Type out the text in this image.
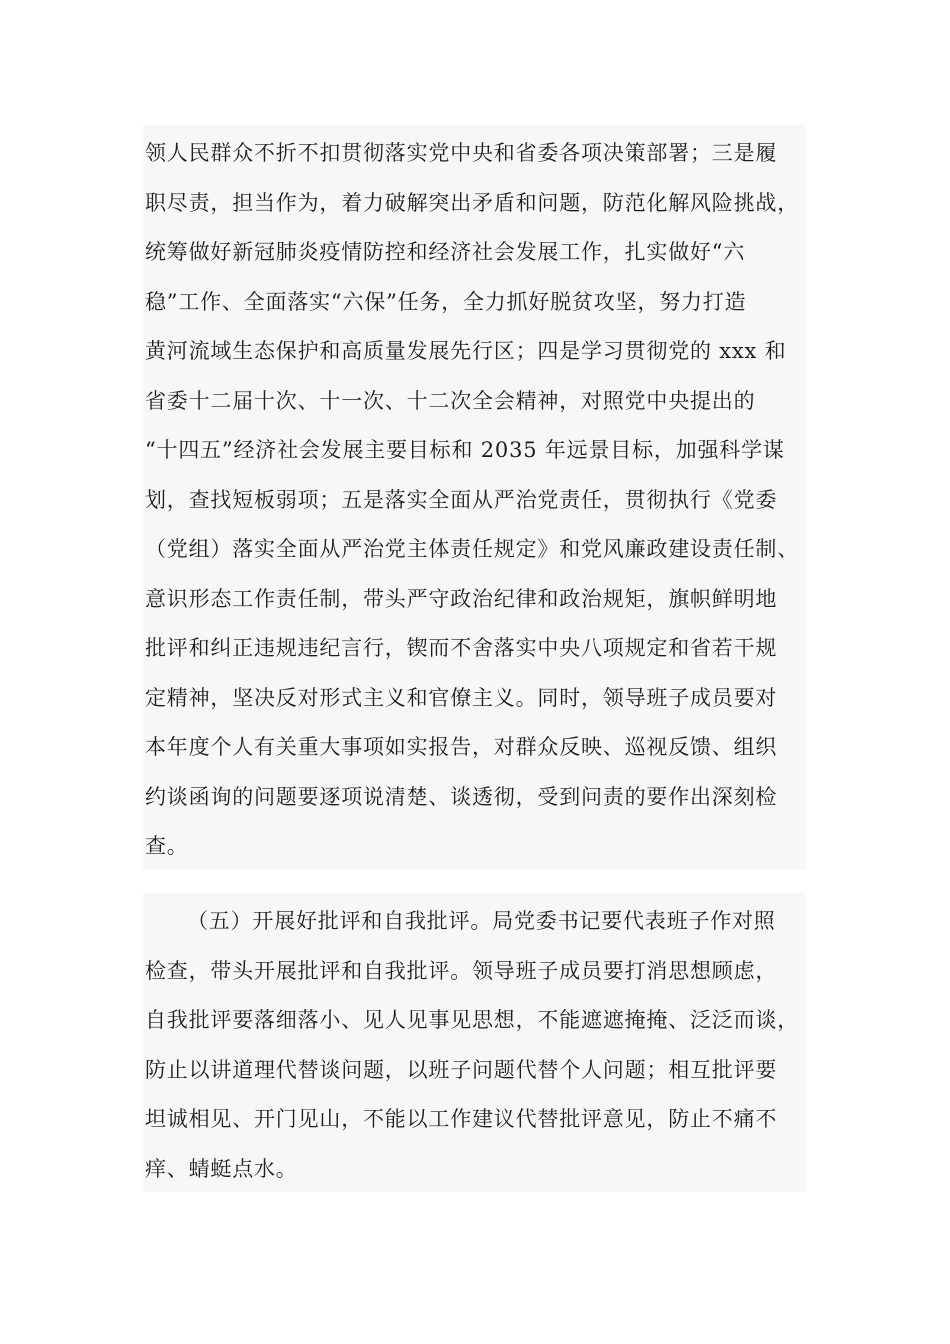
领人民群众不折不扣贯彻落实党中央和省委各项决策部署；三是履
职尽责，担当作为，着力破解突出矛盾和问题，防范化解风险挑战，
统筹做好新冠肺炎疫情防控和经济社会发展工作，扎实做好“六
稳”工作、全面落实“六保”任务，全力抓好脱贫攻坚，努力打造
黄河流域生态保护和高质量发展先行区；四是学习贯彻党的 xxx 和
省委十二届十次、十一次、十二次全会精神，对照党中央提出的
“十四五”经济社会发展主要目标和 2035 年远景目标，加强科学谋
划，查找短板弱项；五是落实全面从严治党责任，贯彻执行《党委
（党组）落实全面从严治党主体责任规定》和党风廉政建设责任制、
意识形态工作责任制，带头严守政治纪律和政治规矩，旗帜鲜明地
批评和纠正违规违纪言行，锲而不舍落实中央八项规定和省若干规
定精神，坚决反对形式主义和官僚主义。同时，领导班子成员要对
本年度个人有关重大事项如实报告，对群众反映、巡视反馈、组织
约谈函询的问题要逐项说清楚、谈透彻，受到问责的要作出深刻检
查。
（五）开展好批评和自我批评。局党委书记要代表班子作对照
检查，带头开展批评和自我批评。领导班子成员要打消思想顾虑，
自我批评要落细落小、见人见事见思想，不能遮遮掩掩、泛泛而谈，
防止以讲道理代替谈问题，以班子问题代替个人问题；相互批评要
坦诚相见、开门见山，不能以工作建议代替批评意见，防止不痛不
痒、蜻蜓点水。
